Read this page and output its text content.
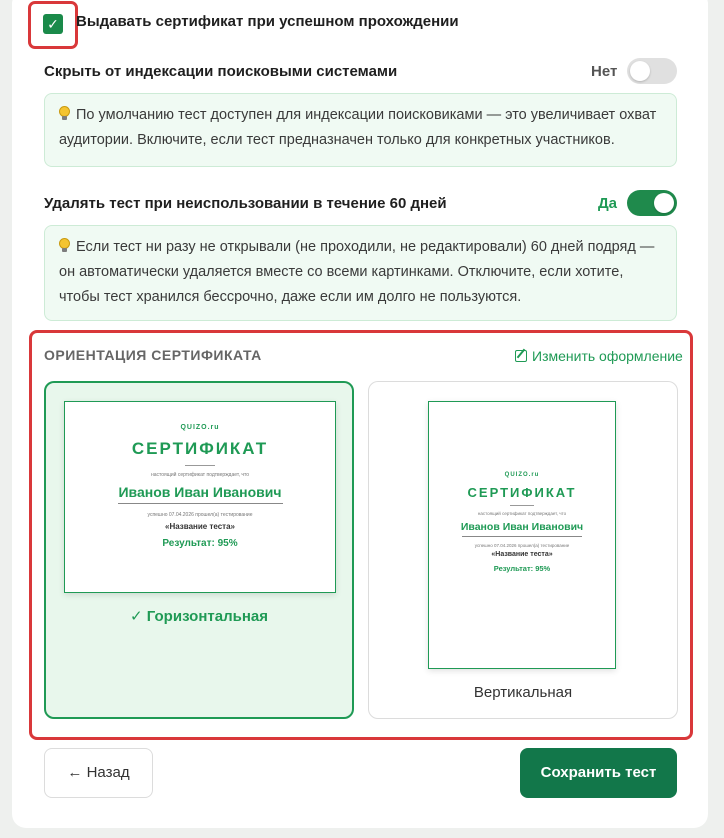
✓ Выдавать сертификат при успешном прохождении
Скрыть от индексации поисковыми системами	Нет
По умолчанию тест доступен для индексации поисковиками — это увеличивает охват аудитории. Включите, если тест предназначен только для конкретных участников.
Удалять тест при неиспользовании в течение 60 дней	Да
Если тест ни разу не открывали (не проходили, не редактировали) 60 дней подряд — он автоматически удаляется вместе со всеми картинками. Отключите, если хотите, чтобы тест хранился бессрочно, даже если им долго не пользуются.
ОРИЕНТАЦИЯ СЕРТИФИКАТА	Изменить оформление
QUIZO.ru
СЕРТИФИКАТ
настоящий сертификат подтверждает, что
Иванов Иван Иванович
успешно 07.04.2026 прошел(а) тестирование
«Название теста»
Результат: 95%
✓ Горизонтальная
QUIZO.ru
СЕРТИФИКАТ
настоящий сертификат подтверждает, что
Иванов Иван Иванович
успешно 07.04.2026 прошел(а) тестирование
«Название теста»
Результат: 95%
Вертикальная
← Назад	Сохранить тест
